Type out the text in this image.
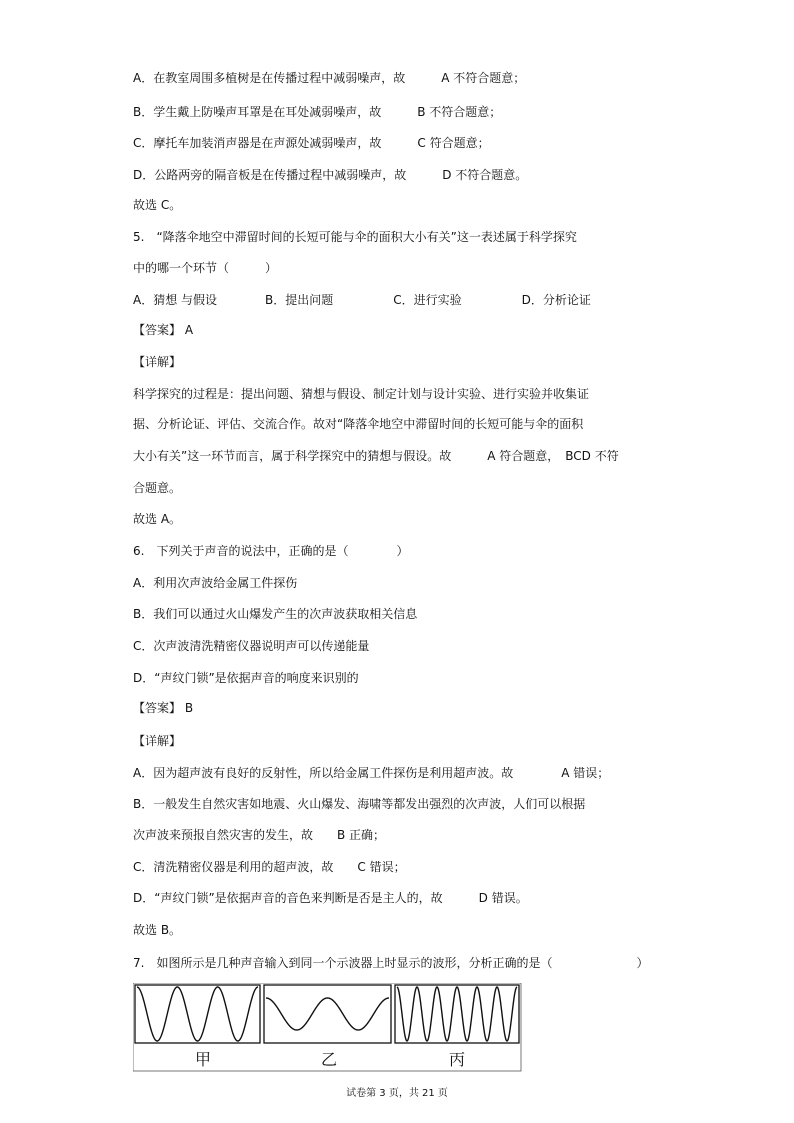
A．在教室周围多植树是在传播过程中减弱噪声，故　　　A 不符合题意；

B．学生戴上防噪声耳罩是在耳处减弱噪声，故　　　B 不符合题意；

C．摩托车加装消声器是在声源处减弱噪声，故　　　C 符合题意；

D．公路两旁的隔音板是在传播过程中减弱噪声，故　　　D 不符合题意。

故选 C。

5.　“降落伞地空中滞留时间的长短可能与伞的面积大小有关”这一表述属于科学探究

中的哪一个环节（　　　）

A．猜想 与假设　　　　B．提出问题　　　　　C．进行实验　　　　　D．分析论证

【答案】 A

【详解】

科学探究的过程是：提出问题、猜想与假设、制定计划与设计实验、进行实验并收集证

据、分析论证、评估、交流合作。故对“降落伞地空中滞留时间的长短可能与伞的面积

大小有关”这一环节而言，属于科学探究中的猜想与假设。故　　　A 符合题意，　BCD 不符

合题意。

故选 A。

6.　下列关于声音的说法中，正确的是（　　　　）

A．利用次声波给金属工件探伤

B．我们可以通过火山爆发产生的次声波获取相关信息

C．次声波清洗精密仪器说明声可以传递能量

D．“声纹门锁”是依据声音的响度来识别的

【答案】 B

【详解】

A．因为超声波有良好的反射性，所以给金属工件探伤是利用超声波。故　　　　A 错误；

B．一般发生自然灾害如地震、火山爆发、海啸等都发出强烈的次声波，人们可以根据

次声波来预报自然灾害的发生，故　　B 正确；

C．清洗精密仪器是利用的超声波，故　　C 错误；

D．“声纹门锁”是依据声音的音色来判断是否是主人的，故　　　D 错误。

故选 B。

7.　如图所示是几种声音输入到同一个示波器上时显示的波形，分析正确的是（　　　　　　　）

甲	乙	丙
试卷第 3 页，共 21 页
